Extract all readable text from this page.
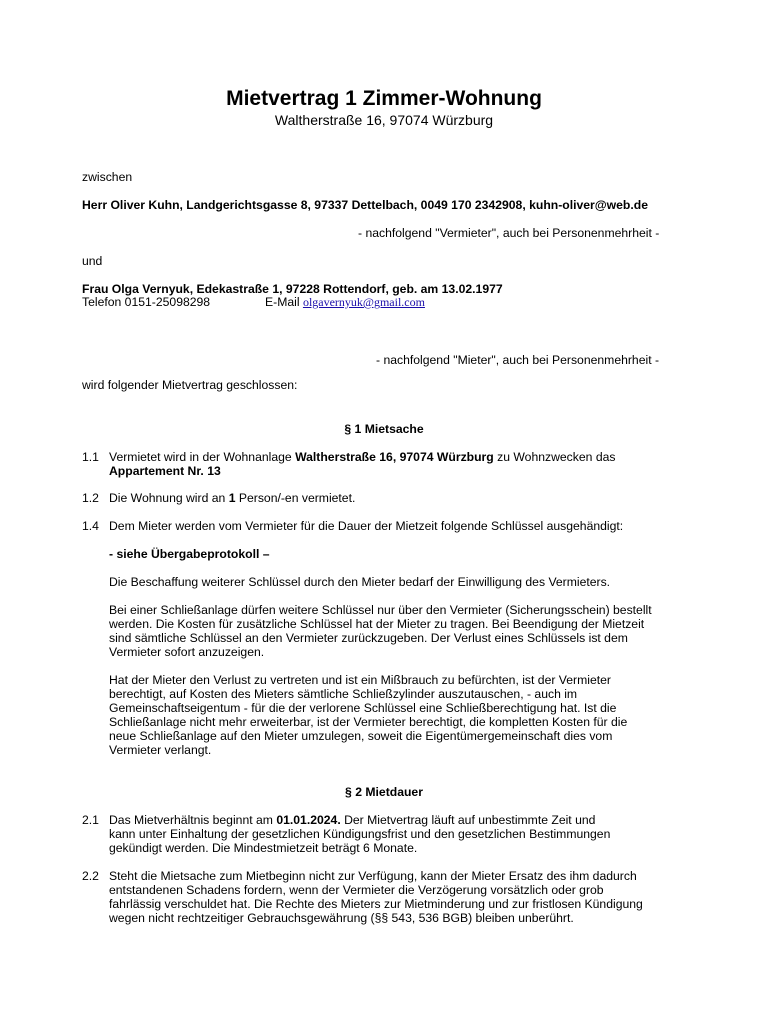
Mietvertrag 1 Zimmer-Wohnung
Waltherstraße 16, 97074 Würzburg
zwischen
Herr Oliver Kuhn, Landgerichtsgasse 8, 97337 Dettelbach, 0049 170 2342908, kuhn-oliver@web.de
- nachfolgend "Vermieter", auch bei Personenmehrheit -
und
Frau Olga Vernyuk, Edekastraße 1, 97228 Rottendorf, geb. am 13.02.1977
Telefon 0151-25098298	E-Mail olgavernyuk@gmail.com
- nachfolgend "Mieter", auch bei Personenmehrheit -
wird folgender Mietvertrag geschlossen:
§ 1 Mietsache
1.1 Vermietet wird in der Wohnanlage Waltherstraße 16, 97074 Würzburg zu Wohnzwecken das

Appartement Nr. 13

1.2 Die Wohnung wird an 1 Person/-en vermietet.

1.4 Dem Mieter werden vom Vermieter für die Dauer der Mietzeit folgende Schlüssel ausgehändigt:

- siehe Übergabeprotokoll –
Die Beschaffung weiterer Schlüssel durch den Mieter bedarf der Einwilligung des Vermieters.

Bei einer Schließanlage dürfen weitere Schlüssel nur über den Vermieter (Sicherungsschein) bestellt

werden. Die Kosten für zusätzliche Schlüssel hat der Mieter zu tragen. Bei Beendigung der Mietzeit

sind sämtliche Schlüssel an den Vermieter zurückzugeben. Der Verlust eines Schlüssels ist dem

Vermieter sofort anzuzeigen.

Hat der Mieter den Verlust zu vertreten und ist ein Mißbrauch zu befürchten, ist der Vermieter

berechtigt, auf Kosten des Mieters sämtliche Schließzylinder auszutauschen, - auch im

Gemeinschaftseigentum - für die der verlorene Schlüssel eine Schließberechtigung hat. Ist die

Schließanlage nicht mehr erweiterbar, ist der Vermieter berechtigt, die kompletten Kosten für die

neue Schließanlage auf den Mieter umzulegen, soweit die Eigentümergemeinschaft dies vom

Vermieter verlangt.

§ 2 Mietdauer
2.1 Das Mietverhältnis beginnt am 01.01.2024. Der Mietvertrag läuft auf unbestimmte Zeit und

kann unter Einhaltung der gesetzlichen Kündigungsfrist und den gesetzlichen Bestimmungen

gekündigt werden. Die Mindestmietzeit beträgt 6 Monate.

2.2 Steht die Mietsache zum Mietbeginn nicht zur Verfügung, kann der Mieter Ersatz des ihm dadurch

entstandenen Schadens fordern, wenn der Vermieter die Verzögerung vorsätzlich oder grob

fahrlässig verschuldet hat. Die Rechte des Mieters zur Mietminderung und zur fristlosen Kündigung

wegen nicht rechtzeitiger Gebrauchsgewährung (§§ 543, 536 BGB) bleiben unberührt.
